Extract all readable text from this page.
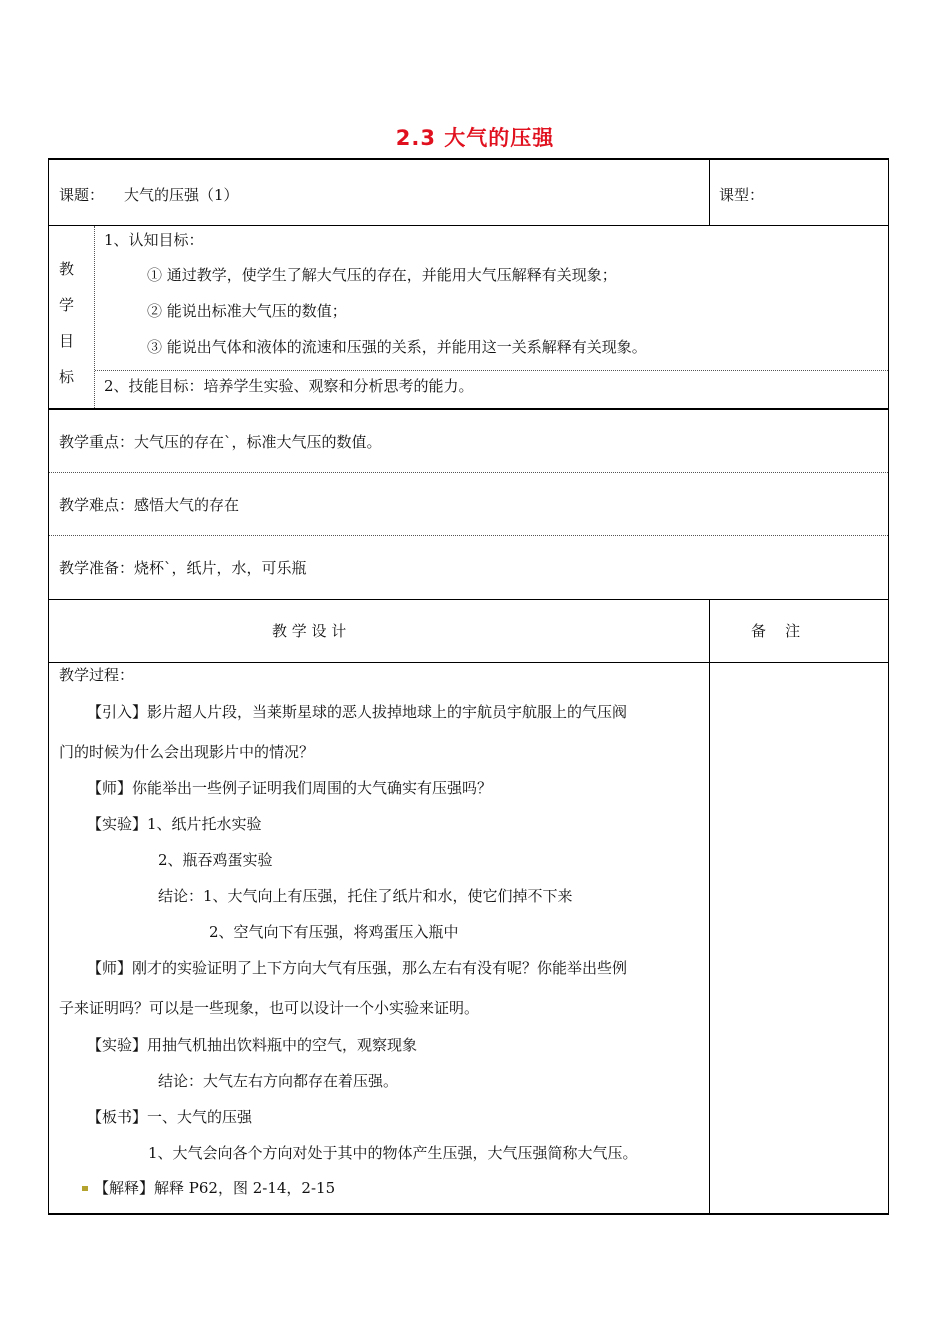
2.3 大气的压强
课题： 大气的压强（1）	课型：
教
学
目
标
1、认知目标：
① 通过教学，使学生了解大气压的存在，并能用大气压解释有关现象；
② 能说出标准大气压的数值；
③ 能说出气体和液体的流速和压强的关系，并能用这一关系解释有关现象。
2、技能目标：培养学生实验、观察和分析思考的能力。
教学重点：大气压的存在`，标准大气压的数值。
教学难点：感悟大气的存在
教学准备：烧杯`，纸片，水，可乐瓶
教 学 设 计	备    注
教学过程：
【引入】影片超人片段，当莱斯星球的恶人拔掉地球上的宇航员宇航服上的气压阀
门的时候为什么会出现影片中的情况？
【师】你能举出一些例子证明我们周围的大气确实有压强吗？
【实验】1、纸片托水实验
2、瓶吞鸡蛋实验
结论：1、大气向上有压强，托住了纸片和水，使它们掉不下来
2、空气向下有压强，将鸡蛋压入瓶中
【师】刚才的实验证明了上下方向大气有压强，那么左右有没有呢？你能举出些例
子来证明吗？可以是一些现象，也可以设计一个小实验来证明。
【实验】用抽气机抽出饮料瓶中的空气，观察现象
结论：大气左右方向都存在着压强。
【板书】一、大气的压强
1、大气会向各个方向对处于其中的物体产生压强，大气压强简称大气压。
【解释】解释 P62，图 2-14，2-15
